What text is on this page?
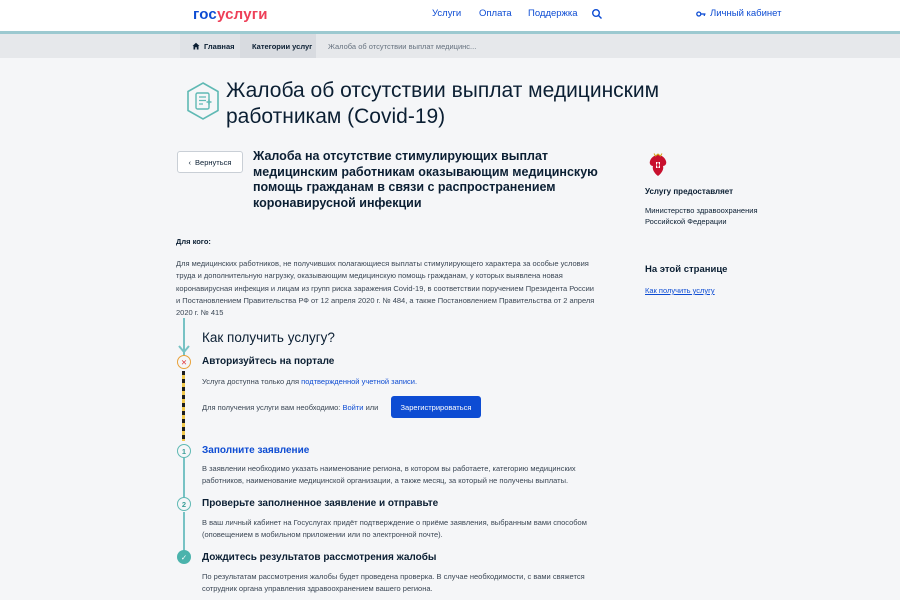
госуслуги	Услуги Оплата Поддержка	Личный кабинет
Главная	Категории услуг	Жалоба об отсутствии выплат медицинс...
Жалоба об отсутствии выплат медицинским работникам (Covid-19)
‹ Вернуться Жалоба на отсутствие стимулирующих выплат медицинским работникам оказывающим медицинскую помощь гражданам в связи с распространением коронавирусной инфекции
Для кого:
Для медицинских работников, не получивших полагающиеся выплаты стимулирующего характера за особые условия труда и дополнительную нагрузку, оказывающим медицинскую помощь гражданам, у которых выявлена новая коронавирусная инфекция и лицам из групп риска заражения Covid-19, в соответствии поручением Президента России и Постановлением Правительства РФ от 12 апреля 2020 г. № 484, а также Постановлением Правительства от 2 апреля 2020 г. № 415
Услугу предоставляет
Министерство здравоохранения Российской Федерации
На этой странице
Как получить услугу
Как получить услугу?
✕	Авторизуйтесь на портале
Услуга доступна только для подтвержденной учетной записи.
Для получения услуги вам необходимо: Войти или	Зарегистрироваться
1	Заполните заявление
В заявлении необходимо указать наименование региона, в котором вы работаете, категорию медицинских работников, наименование медицинской организации, а также месяц, за который не получены выплаты.
2	Проверьте заполненное заявление и отправьте
В ваш личный кабинет на Госуслугах придёт подтверждение о приёме заявления, выбранным вами способом (оповещением в мобильном приложении или по электронной почте).
✓	Дождитесь результатов рассмотрения жалобы
По результатам рассмотрения жалобы будет проведена проверка. В случае необходимости, с вами свяжется сотрудник органа управления здравоохранением вашего региона.
